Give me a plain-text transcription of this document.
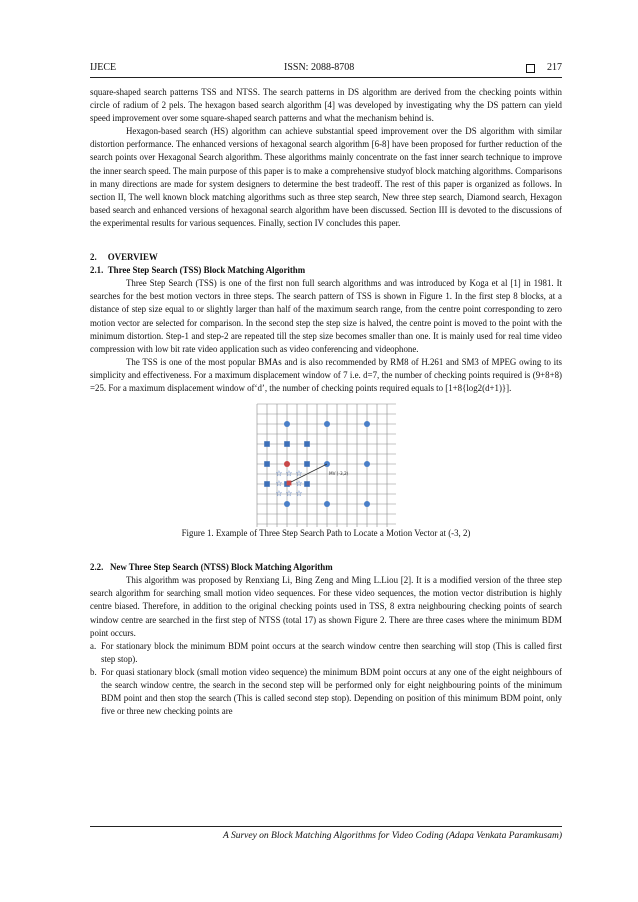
IJECE	ISSN: 2088-8708	217

square-shaped search patterns TSS and NTSS. The search patterns in DS algorithm are derived from the checking points within circle of radium of 2 pels. The hexagon based search algorithm [4] was developed by investigating why the DS pattern can yield speed improvement over some square-shaped search patterns and what the mechanism behind is.

Hexagon-based search (HS) algorithm can achieve substantial speed improvement over the DS algorithm with similar distortion performance. The enhanced versions of hexagonal search algorithm [6-8] have been proposed for further reduction of the search points over Hexagonal Search algorithm. These algorithms mainly concentrate on the fast inner search technique to improve the inner search speed. The main purpose of this paper is to make a comprehensive studyof block matching algorithms. Comparisons in many directions are made for system designers to determine the best tradeoff. The rest of this paper is organized as follows. In section II, The well known block matching algorithms such as three step search, New three step search, Diamond search, Hexagon based search and enhanced versions of hexagonal search algorithm have been discussed. Section III is devoted to the discussions of the experimental results for various sequences. Finally, section IV concludes this paper.

2. OVERVIEW

2.1. Three Step Search (TSS) Block Matching Algorithm

Three Step Search (TSS) is one of the first non full search algorithms and was introduced by Koga et al [1] in 1981. It searches for the best motion vectors in three steps. The search pattern of TSS is shown in Figure 1. In the first step 8 blocks, at a distance of step size equal to or slightly larger than half of the maximum search range, from the centre point corresponding to zero motion vector are selected for comparison. In the second step the step size is halved, the centre point is moved to the point with the minimum distortion. Step-1 and step-2 are repeated till the step size becomes smaller than one. It is mainly used for real time video compression with low bit rate video application such as video conferencing and videophone.

The TSS is one of the most popular BMAs and is also recommended by RM8 of H.261 and SM3 of MPEG owing to its simplicity and effectiveness. For a maximum displacement window of 7 i.e. d=7, the number of checking points required is (9+8+8) =25. For a maximum displacement window of‘d’, the number of checking points required equals to [1+8{log2(d+1)}].

☆ ☆ ☆
☆ ☆
☆ ☆ ☆
MV (-3,2)

Figure 1. Example of Three Step Search Path to Locate a Motion Vector at (-3, 2)

2.2. New Three Step Search (NTSS) Block Matching Algorithm

This algorithm was proposed by Renxiang Li, Bing Zeng and Ming L.Liou [2]. It is a modified version of the three step search algorithm for searching small motion video sequences. For these video sequences, the motion vector distribution is highly centre biased. Therefore, in addition to the original checking points used in TSS, 8 extra neighbouring checking points of search window centre are searched in the first step of NTSS (total 17) as shown Figure 2. There are three cases where the minimum BDM point occurs.

a. For stationary block the minimum BDM point occurs at the search window centre then searching will stop (This is called first step stop).

b. For quasi stationary block (small motion video sequence) the minimum BDM point occurs at any one of the eight neighbours of the search window centre, the search in the second step will be performed only for eight neighbouring points of the minimum BDM point and then stop the search (This is called second step stop). Depending on position of this minimum BDM point, only five or three new checking points are

A Survey on Block Matching Algorithms for Video Coding (Adapa Venkata Paramkusam)
